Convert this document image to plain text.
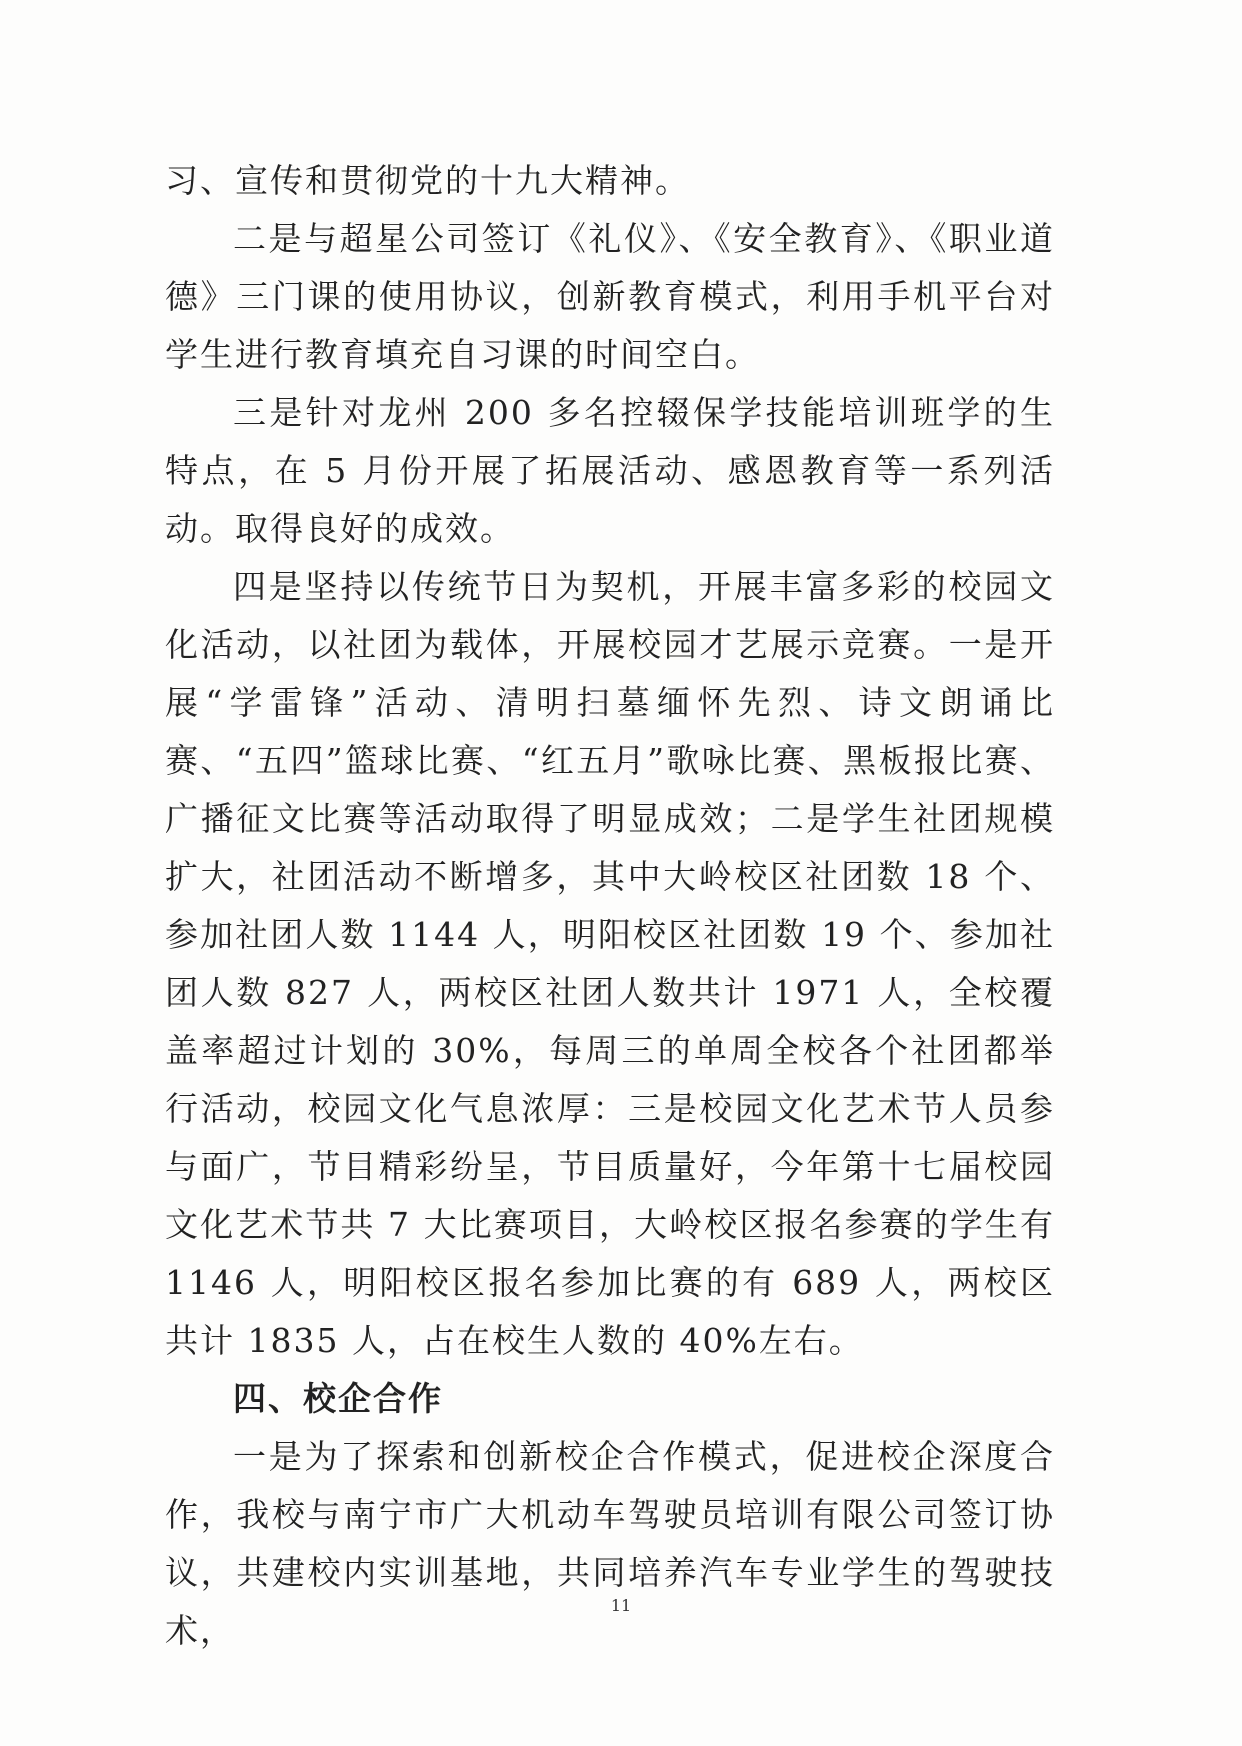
习、宣传和贯彻党的十九大精神。

二是与超星公司签订《礼仪》、《安全教育》、《职业道德》三门课的使用协议，创新教育模式，利用手机平台对学生进行教育填充自习课的时间空白。

三是针对龙州 200 多名控辍保学技能培训班学的生特点，在 5 月份开展了拓展活动、感恩教育等一系列活动。取得良好的成效。

四是坚持以传统节日为契机，开展丰富多彩的校园文化活动，以社团为载体，开展校园才艺展示竞赛。一是开展“学雷锋”活动、清明扫墓缅怀先烈、诗文朗诵比赛、“五四”篮球比赛、“红五月”歌咏比赛、黑板报比赛、广播征文比赛等活动取得了明显成效；二是学生社团规模扩大，社团活动不断增多，其中大岭校区社团数 18 个、参加社团人数 1144 人，明阳校区社团数 19 个、参加社团人数 827 人，两校区社团人数共计 1971 人，全校覆盖率超过计划的 30%，每周三的单周全校各个社团都举行活动，校园文化气息浓厚：三是校园文化艺术节人员参与面广，节目精彩纷呈，节目质量好，今年第十七届校园文化艺术节共 7 大比赛项目，大岭校区报名参赛的学生有 1146 人，明阳校区报名参加比赛的有 689 人，两校区共计 1835 人，占在校生人数的 40%左右。

四、校企合作

一是为了探索和创新校企合作模式，促进校企深度合作，我校与南宁市广大机动车驾驶员培训有限公司签订协议，共建校内实训基地，共同培养汽车专业学生的驾驶技术，

11
